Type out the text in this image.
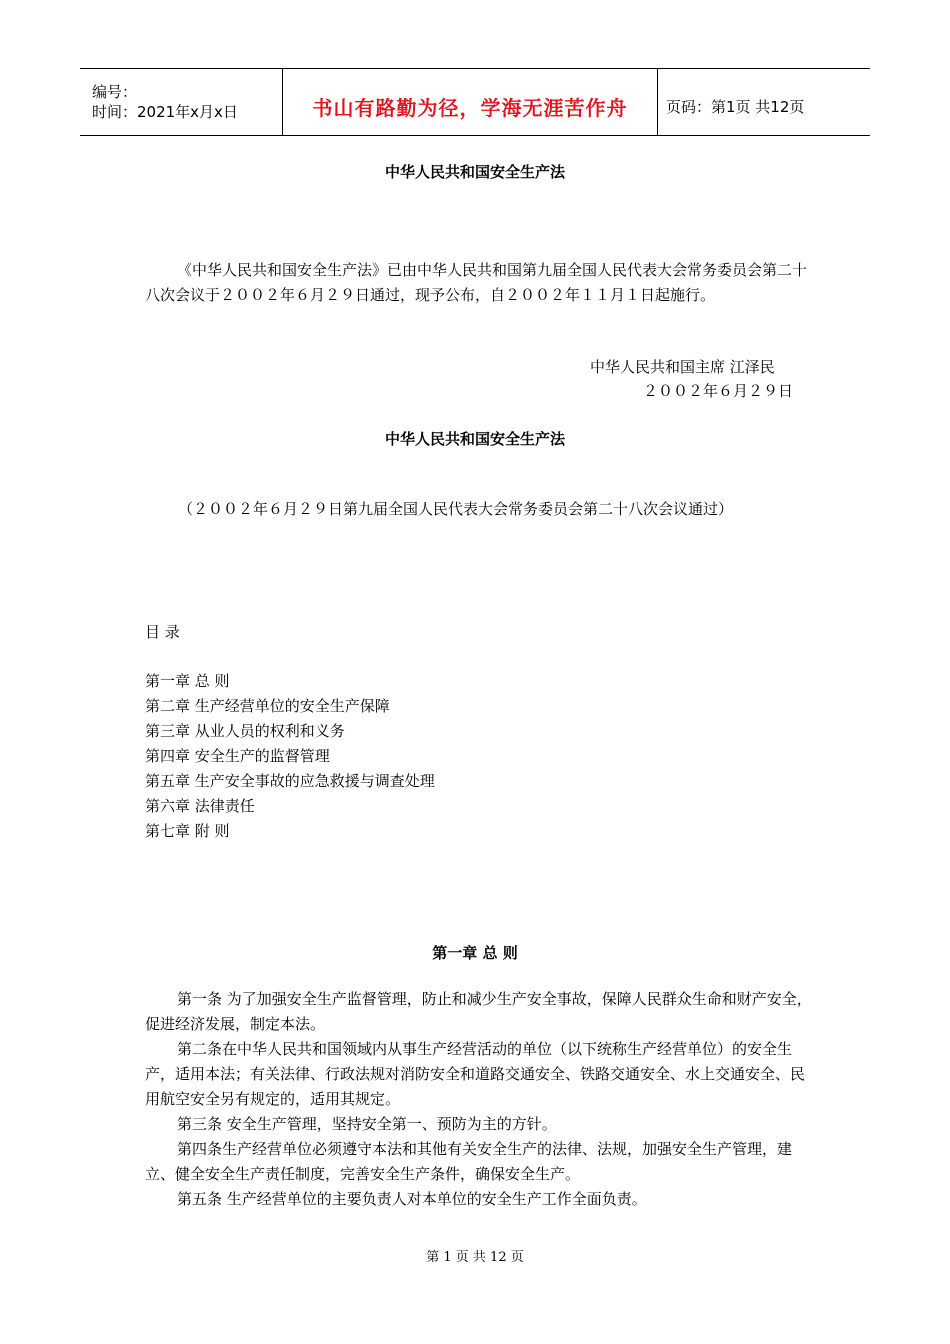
编号：
时间：2021年x月x日	书山有路勤为径，学海无涯苦作舟	页码：第1页 共12页
中华人民共和国安全生产法
《中华人民共和国安全生产法》已由中华人民共和国第九届全国人民代表大会常务委员会第二十八次会议于２００２年６月２９日通过，现予公布，自２００２年１１月１日起施行。
中华人民共和国主席 江泽民
２００２年６月２９日
中华人民共和国安全生产法
（２００２年６月２９日第九届全国人民代表大会常务委员会第二十八次会议通过）
目 录
第一章 总 则
第二章 生产经营单位的安全生产保障
第三章 从业人员的权利和义务
第四章 安全生产的监督管理
第五章 生产安全事故的应急救援与调查处理
第六章 法律责任
第七章 附 则
第一章 总 则
第一条 为了加强安全生产监督管理，防止和减少生产安全事故，保障人民群众生命和财产安全，促进经济发展，制定本法。
第二条在中华人民共和国领域内从事生产经营活动的单位（以下统称生产经营单位）的安全生产，适用本法；有关法律、行政法规对消防安全和道路交通安全、铁路交通安全、水上交通安全、民用航空安全另有规定的，适用其规定。
第三条 安全生产管理，坚持安全第一、预防为主的方针。
第四条生产经营单位必须遵守本法和其他有关安全生产的法律、法规，加强安全生产管理，建立、健全安全生产责任制度，完善安全生产条件，确保安全生产。
第五条 生产经营单位的主要负责人对本单位的安全生产工作全面负责。
第 1 页 共 12 页
